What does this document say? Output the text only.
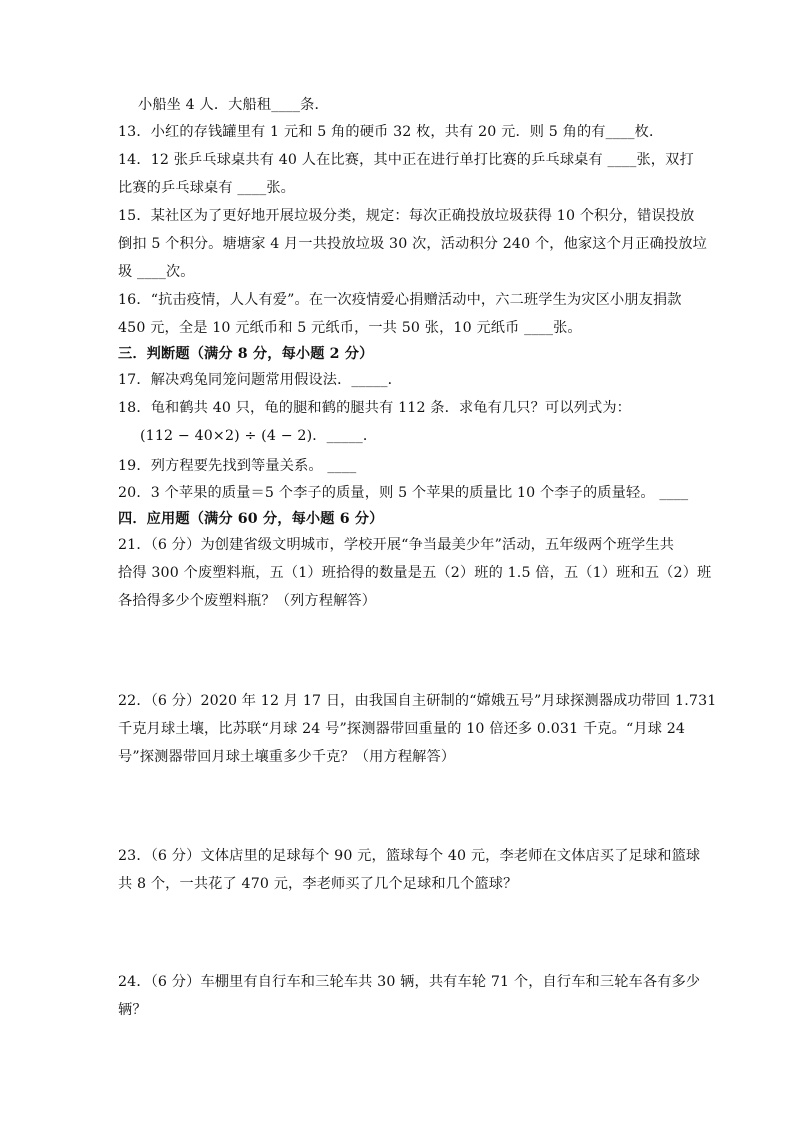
小船坐 4 人．大船租____条．
13．小红的存钱罐里有 1 元和 5 角的硬币 32 枚，共有 20 元．则 5 角的有____枚．
14．12 张乒乓球桌共有 40 人在比赛，其中正在进行单打比赛的乒乓球桌有 ____张，双打
比赛的乒乓球桌有 ____张。
15．某社区为了更好地开展垃圾分类，规定：每次正确投放垃圾获得 10 个积分，错误投放
倒扣 5 个积分。塘塘家 4 月一共投放垃圾 30 次，活动积分 240 个，他家这个月正确投放垃
圾 ____次。
16．“抗击疫情，人人有爱”。在一次疫情爱心捐赠活动中，六二班学生为灾区小朋友捐款
450 元，全是 10 元纸币和 5 元纸币，一共 50 张，10 元纸币 ____张。
三．判断题（满分 8 分，每小题 2 分）
17．解决鸡兔同笼问题常用假设法．_____．
18．龟和鹤共 40 只，龟的腿和鹤的腿共有 112 条．求龟有几只？可以列式为：
(112 − 40×2) ÷ (4 − 2)．_____．
19．列方程要先找到等量关系。 ____
20．3 个苹果的质量＝5 个李子的质量，则 5 个苹果的质量比 10 个李子的质量轻。 ____
四．应用题（满分 60 分，每小题 6 分）
21．（6 分）为创建省级文明城市，学校开展“争当最美少年”活动，五年级两个班学生共
拾得 300 个废塑料瓶，五（1）班拾得的数量是五（2）班的 1.5 倍，五（1）班和五（2）班
各拾得多少个废塑料瓶？（列方程解答）
22．（6 分）2020 年 12 月 17 日，由我国自主研制的“嫦娥五号”月球探测器成功带回 1.731
千克月球土壤，比苏联“月球 24 号”探测器带回重量的 10 倍还多 0.031 千克。“月球 24
号”探测器带回月球土壤重多少千克？（用方程解答）
23．（6 分）文体店里的足球每个 90 元，篮球每个 40 元，李老师在文体店买了足球和篮球
共 8 个，一共花了 470 元，李老师买了几个足球和几个篮球？
24．（6 分）车棚里有自行车和三轮车共 30 辆，共有车轮 71 个，自行车和三轮车各有多少
辆？
